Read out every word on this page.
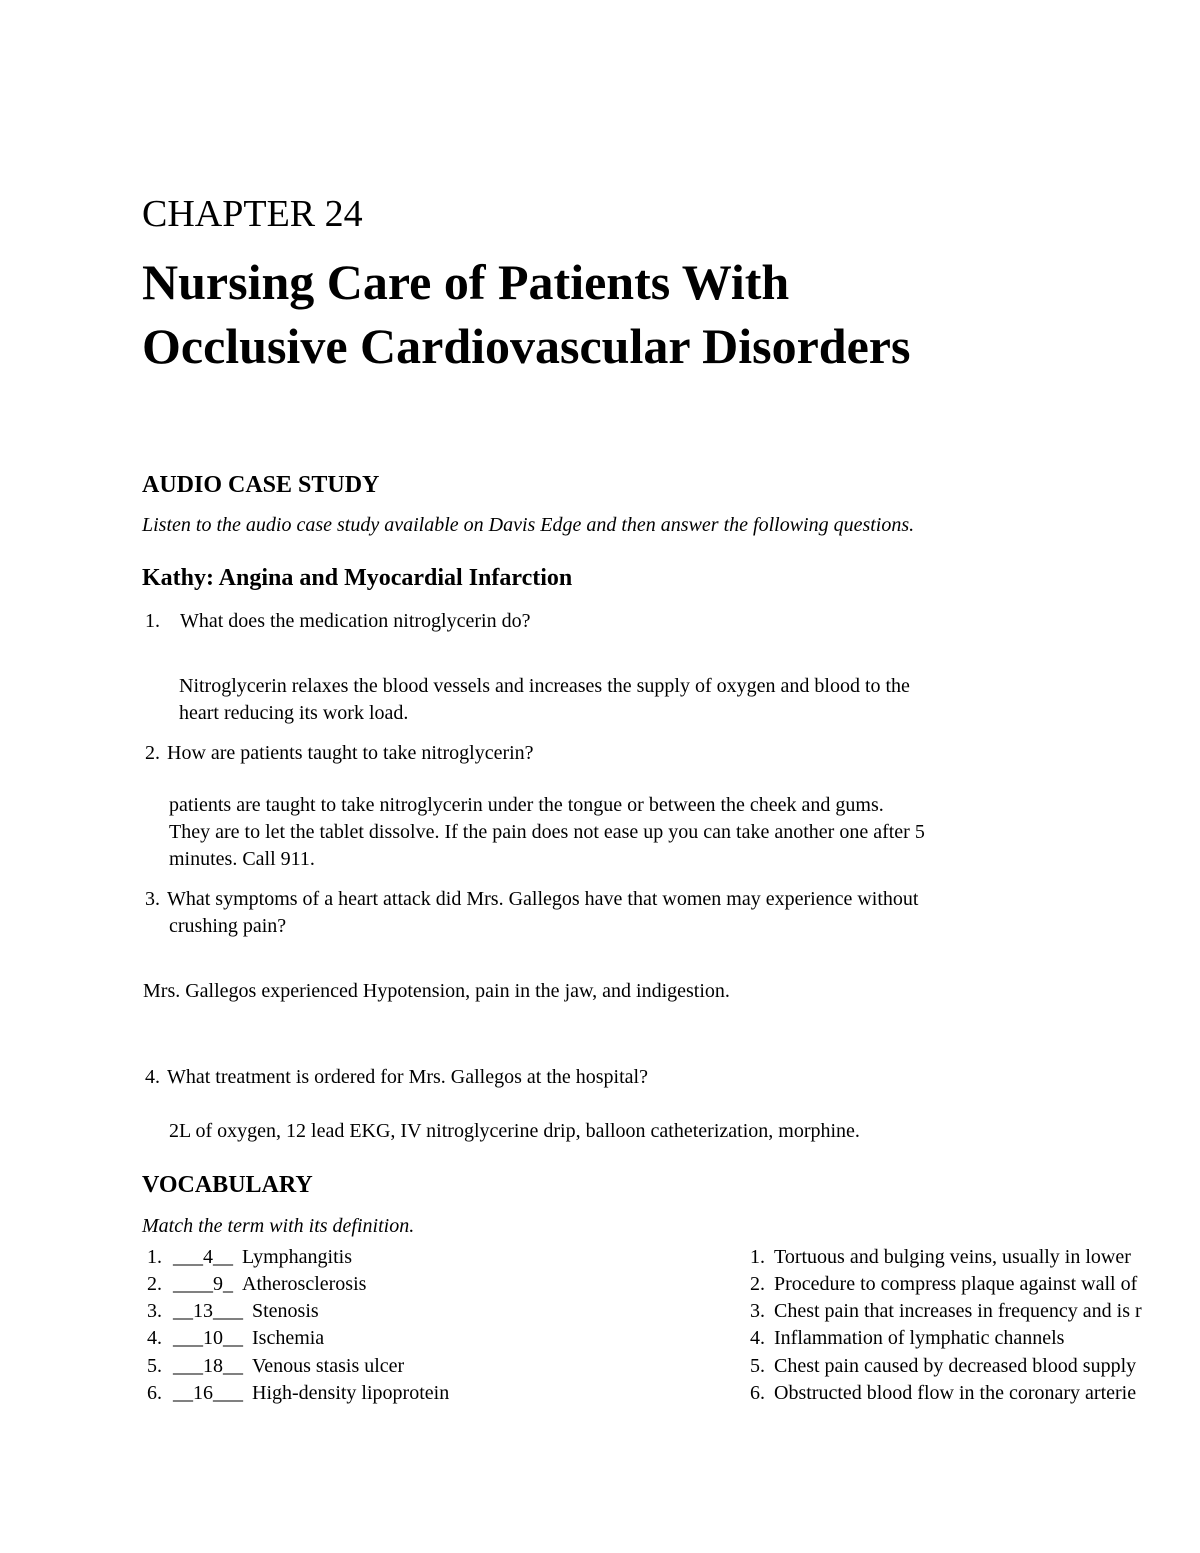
CHAPTER 24
Nursing Care of Patients With
Occlusive Cardiovascular Disorders
AUDIO CASE STUDY
Listen to the audio case study available on Davis Edge and then answer the following questions.
Kathy: Angina and Myocardial Infarction
1. What does the medication nitroglycerin do?
Nitroglycerin relaxes the blood vessels and increases the supply of oxygen and blood to the
heart reducing its work load.
2. How are patients taught to take nitroglycerin?
patients are taught to take nitroglycerin under the tongue or between the cheek and gums.
They are to let the tablet dissolve. If the pain does not ease up you can take another one after 5
minutes. Call 911.
3. What symptoms of a heart attack did Mrs. Gallegos have that women may experience without
crushing pain?
Mrs. Gallegos experienced Hypotension, pain in the jaw, and indigestion.
4. What treatment is ordered for Mrs. Gallegos at the hospital?
2L of oxygen, 12 lead EKG, IV nitroglycerine drip, balloon catheterization, morphine.
VOCABULARY
Match the term with its definition.
1. ___4__ Lymphangitis
2. ____9_ Atherosclerosis
3. __13___ Stenosis
4. ___10__ Ischemia
5. ___18__ Venous stasis ulcer
6. __16___ High-density lipoprotein
1. Tortuous and bulging veins, usually in lower
2. Procedure to compress plaque against wall of
3. Chest pain that increases in frequency and is r
4. Inflammation of lymphatic channels
5. Chest pain caused by decreased blood supply
6. Obstructed blood flow in the coronary arterie
